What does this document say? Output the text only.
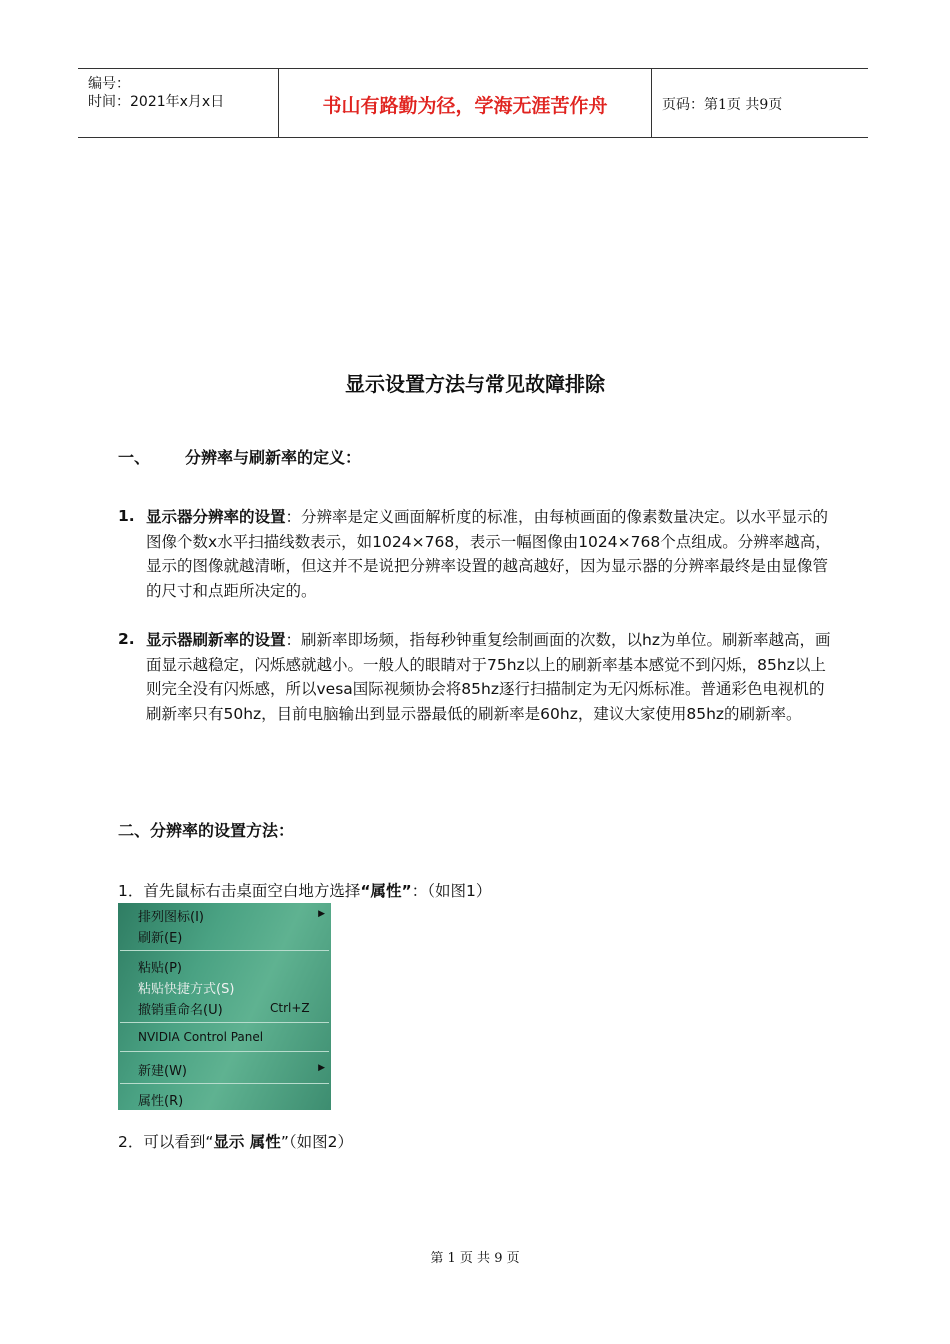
编号：
时间：2021年x月x日	书山有路勤为径，学海无涯苦作舟	页码：第1页 共9页
显示设置方法与常见故障排除
一、 分辨率与刷新率的定义：
1. 显示器分辨率的设置：分辨率是定义画面解析度的标准，由每桢画面的像素数量决定。以水平显示的图像个数x水平扫描线数表示，如1024×768，表示一幅图像由1024×768个点组成。分辨率越高，显示的图像就越清晰，但这并不是说把分辨率设置的越高越好，因为显示器的分辨率最终是由显像管的尺寸和点距所决定的。
2. 显示器刷新率的设置：刷新率即场频，指每秒钟重复绘制画面的次数，以hz为单位。刷新率越高，画面显示越稳定，闪烁感就越小。一般人的眼睛对于75hz以上的刷新率基本感觉不到闪烁，85hz以上则完全没有闪烁感，所以vesa国际视频协会将85hz逐行扫描制定为无闪烁标准。普通彩色电视机的刷新率只有50hz，目前电脑输出到显示器最低的刷新率是60hz，建议大家使用85hz的刷新率。
二、分辨率的设置方法：
1．首先鼠标右击桌面空白地方选择“属性”：（如图1）
排列图标(I)	▶
刷新(E)
粘贴(P)
粘贴快捷方式(S)
撤销重命名(U)	Ctrl+Z
NVIDIA Control Panel
新建(W)	▶
属性(R)
2．可以看到“显示 属性”（如图2）
第 1 页 共 9 页
